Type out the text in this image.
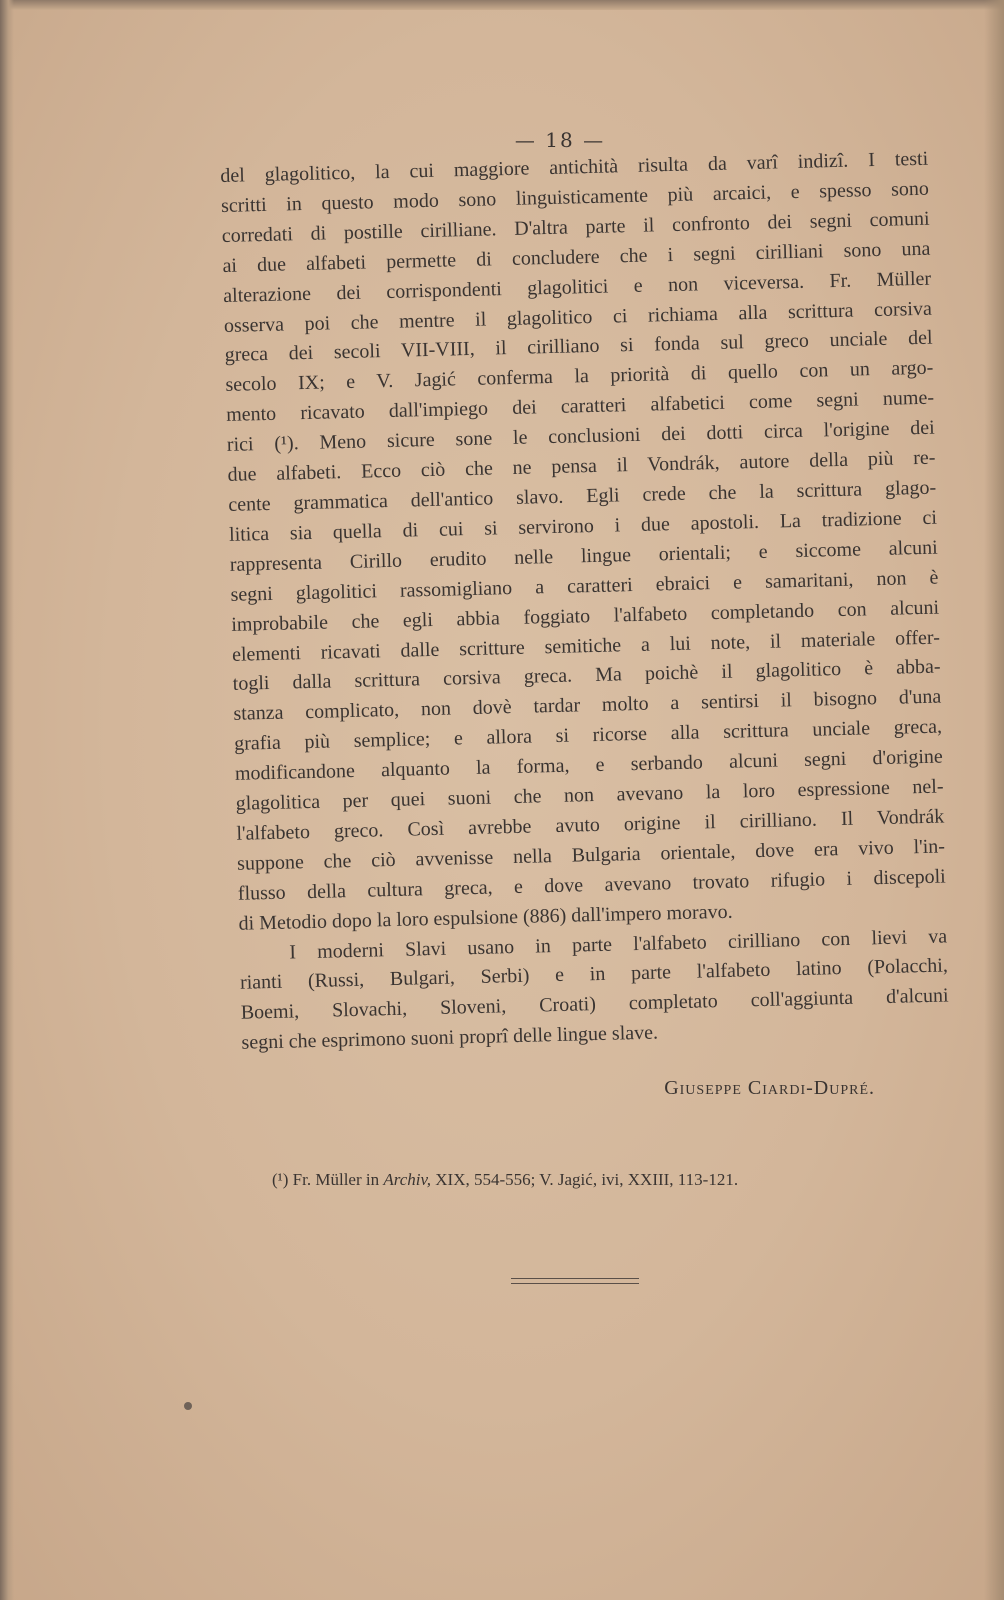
— 18 —
del glagolitico, la cui maggiore antichità risulta da varî indizî. I testi
scritti in questo modo sono linguisticamente più arcaici, e spesso sono
corredati di postille cirilliane. D'altra parte il confronto dei segni comuni
ai due alfabeti permette di concludere che i segni cirilliani sono una
alterazione dei corrispondenti glagolitici e non viceversa. Fr. Müller
osserva poi che mentre il glagolitico ci richiama alla scrittura corsiva
greca dei secoli VII-VIII, il cirilliano si fonda sul greco unciale del
secolo IX; e V. Jagić conferma la priorità di quello con un argo-
mento ricavato dall'impiego dei caratteri alfabetici come segni nume-
rici (¹). Meno sicure sone le conclusioni dei dotti circa l'origine dei
due alfabeti. Ecco ciò che ne pensa il Vondrák, autore della più re-
cente grammatica dell'antico slavo. Egli crede che la scrittura glago-
litica sia quella di cui si servirono i due apostoli. La tradizione ci
rappresenta Cirillo erudito nelle lingue orientali; e siccome alcuni
segni glagolitici rassomigliano a caratteri ebraici e samaritani, non è
improbabile che egli abbia foggiato l'alfabeto completando con alcuni
elementi ricavati dalle scritture semitiche a lui note, il materiale offer-
togli dalla scrittura corsiva greca. Ma poichè il glagolitico è abba-
stanza complicato, non dovè tardar molto a sentirsi il bisogno d'una
grafia più semplice; e allora si ricorse alla scrittura unciale greca,
modificandone alquanto la forma, e serbando alcuni segni d'origine
glagolitica per quei suoni che non avevano la loro espressione nel-
l'alfabeto greco. Così avrebbe avuto origine il cirilliano. Il Vondrák
suppone che ciò avvenisse nella Bulgaria orientale, dove era vivo l'in-
flusso della cultura greca, e dove avevano trovato rifugio i discepoli
di Metodio dopo la loro espulsione (886) dall'impero moravo.
I moderni Slavi usano in parte l'alfabeto cirilliano con lievi va
rianti (Russi, Bulgari, Serbi) e in parte l'alfabeto latino (Polacchi,
Boemi, Slovachi, Sloveni, Croati) completato coll'aggiunta d'alcuni
segni che esprimono suoni proprî delle lingue slave.
Giuseppe Ciardi-Dupré.
(¹) Fr. Müller in Archiv, XIX, 554-556; V. Jagić, ivi, XXIII, 113-121.
